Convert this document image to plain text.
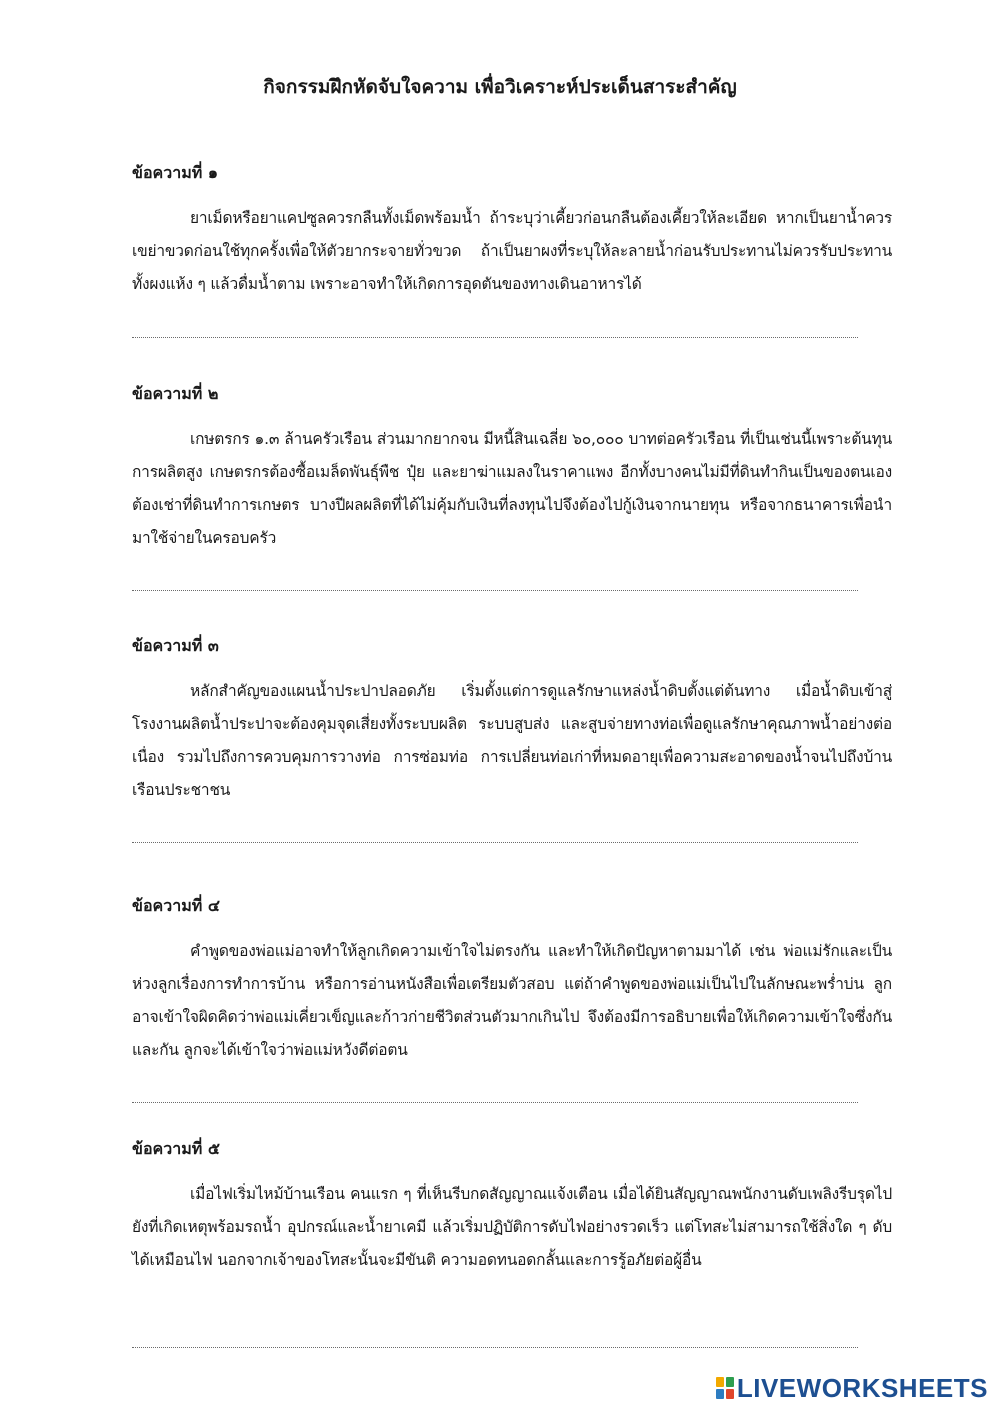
กิจกรรมฝึกหัดจับใจความ เพื่อวิเคราะห์ประเด็นสาระสำคัญ
ข้อความที่ ๑

ยาเม็ดหรือยาแคปซูลควรกลืนทั้งเม็ดพร้อมน้ำ ถ้าระบุว่าเคี้ยวก่อนกลืนต้องเคี้ยวให้ละเอียด หากเป็นยาน้ำควรเขย่าขวดก่อนใช้ทุกครั้งเพื่อให้ตัวยากระจายทั่วขวด ถ้าเป็นยาผงที่ระบุให้ละลายน้ำก่อนรับประทานไม่ควรรับประทานทั้งผงแห้ง ๆ แล้วดื่มน้ำตาม เพราะอาจทำให้เกิดการอุดตันของทางเดินอาหารได้

ข้อความที่ ๒

เกษตรกร ๑.๓ ล้านครัวเรือน ส่วนมากยากจน มีหนี้สินเฉลี่ย ๖๐,๐๐๐ บาทต่อครัวเรือน ที่เป็นเช่นนี้เพราะต้นทุนการผลิตสูง เกษตรกรต้องซื้อเมล็ดพันธุ์พืช ปุ๋ย และยาฆ่าแมลงในราคาแพง อีกทั้งบางคนไม่มีที่ดินทำกินเป็นของตนเองต้องเช่าที่ดินทำการเกษตร บางปีผลผลิตที่ได้ไม่คุ้มกับเงินที่ลงทุนไปจึงต้องไปกู้เงินจากนายทุน หรือจากธนาคารเพื่อนำมาใช้จ่ายในครอบครัว

ข้อความที่ ๓

หลักสำคัญของแผนน้ำประปาปลอดภัย เริ่มตั้งแต่การดูแลรักษาแหล่งน้ำดิบตั้งแต่ต้นทาง เมื่อน้ำดิบเข้าสู่โรงงานผลิตน้ำประปาจะต้องคุมจุดเสี่ยงทั้งระบบผลิต ระบบสูบส่ง และสูบจ่ายทางท่อเพื่อดูแลรักษาคุณภาพน้ำอย่างต่อเนื่อง รวมไปถึงการควบคุมการวางท่อ การซ่อมท่อ การเปลี่ยนท่อเก่าที่หมดอายุเพื่อความสะอาดของน้ำจนไปถึงบ้านเรือนประชาชน

ข้อความที่ ๔

คำพูดของพ่อแม่อาจทำให้ลูกเกิดความเข้าใจไม่ตรงกัน และทำให้เกิดปัญหาตามมาได้ เช่น พ่อแม่รักและเป็นห่วงลูกเรื่องการทำการบ้าน หรือการอ่านหนังสือเพื่อเตรียมตัวสอบ แต่ถ้าคำพูดของพ่อแม่เป็นไปในลักษณะพร่ำบ่น ลูกอาจเข้าใจผิดคิดว่าพ่อแม่เคี่ยวเข็ญและก้าวก่ายชีวิตส่วนตัวมากเกินไป จึงต้องมีการอธิบายเพื่อให้เกิดความเข้าใจซึ่งกันและกัน ลูกจะได้เข้าใจว่าพ่อแม่หวังดีต่อตน

ข้อความที่ ๕

เมื่อไฟเริ่มไหม้บ้านเรือน คนแรก ๆ ที่เห็นรีบกดสัญญาณแจ้งเตือน เมื่อได้ยินสัญญาณพนักงานดับเพลิงรีบรุดไปยังที่เกิดเหตุพร้อมรถน้ำ อุปกรณ์และน้ำยาเคมี แล้วเริ่มปฏิบัติการดับไฟอย่างรวดเร็ว แต่โทสะไม่สามารถใช้สิ่งใด ๆ ดับได้เหมือนไฟ นอกจากเจ้าของโทสะนั้นจะมีขันติ ความอดทนอดกลั้นและการรู้อภัยต่อผู้อื่น

LIVEWORKSHEETS
